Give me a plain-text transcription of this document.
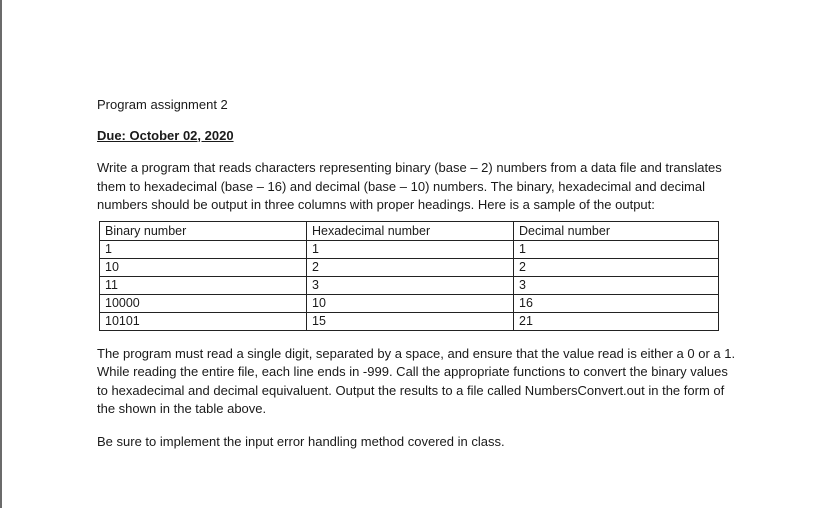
Program assignment 2

Due: October 02, 2020

Write a program that reads characters representing binary (base – 2) numbers from a data file and translates them to hexadecimal (base – 16) and decimal (base – 10) numbers. The binary, hexadecimal and decimal numbers should be output in three columns with proper headings. Here is a sample of the output:

Binary number	Hexadecimal number	Decimal number
1	1	1
10	2	2
11	3	3
10000	10	16
10101	15	21

The program must read a single digit, separated by a space, and ensure that the value read is either a 0 or a 1. While reading the entire file, each line ends in -999. Call the appropriate functions to convert the binary values to hexadecimal and decimal equivaluent. Output the results to a file called NumbersConvert.out in the form of the shown in the table above.

Be sure to implement the input error handling method covered in class.
